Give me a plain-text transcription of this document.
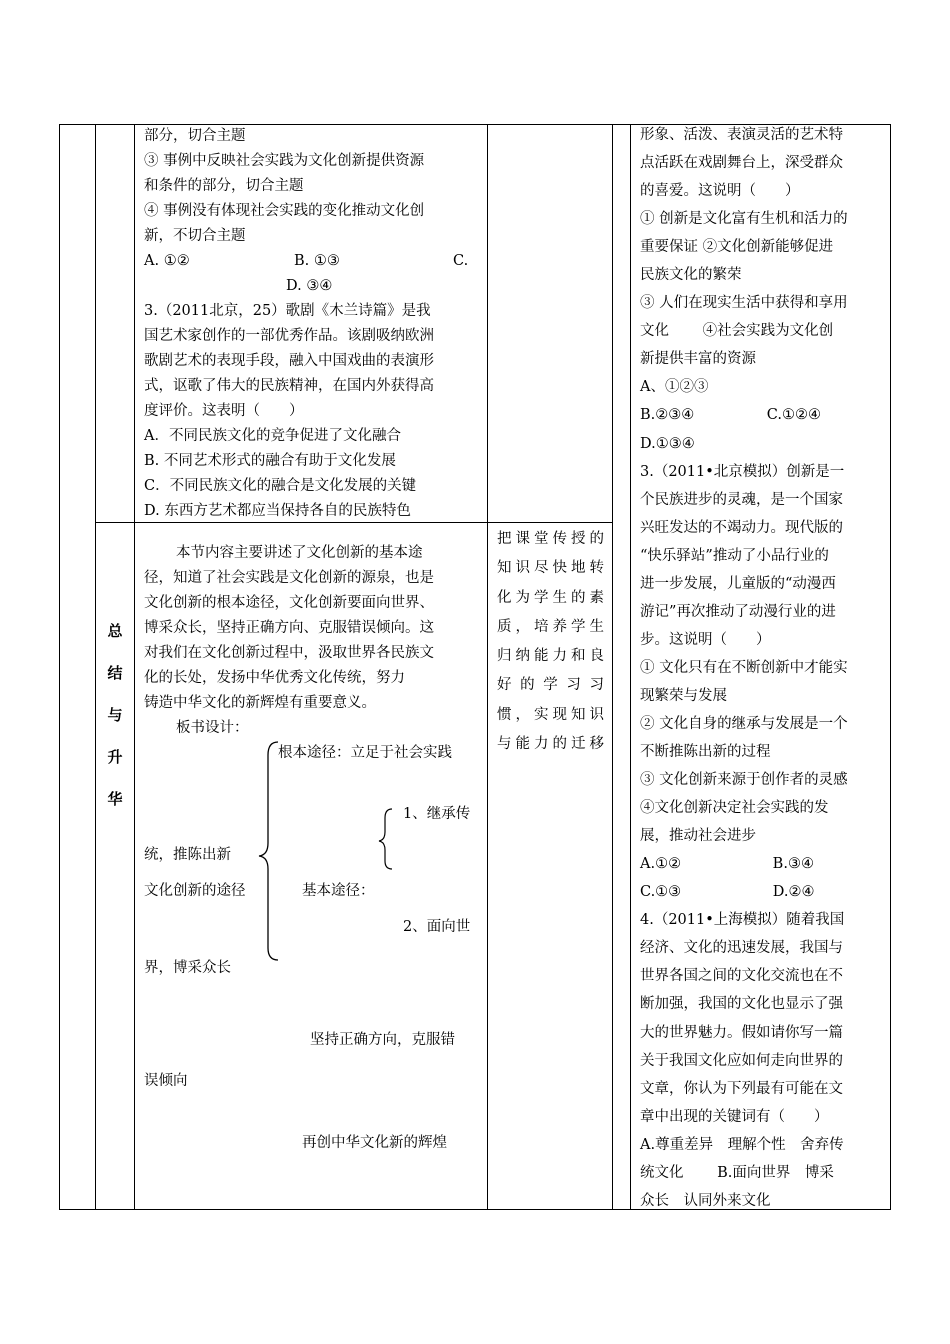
部分，切合主题
③ 事例中反映社会实践为文化创新提供资源
和条件的部分，切合主题
④ 事例没有体现社会实践的变化推动文化创
新，不切合主题
A. ①②	B. ①③	C.
D. ③④
3.（2011北京，25）歌剧《木兰诗篇》是我
国艺术家创作的一部优秀作品。该剧吸纳欧洲
歌剧艺术的表现手段，融入中国戏曲的表演形
式，讴歌了伟大的民族精神，在国内外获得高
度评价。这表明（　　）
A．不同民族文化的竞争促进了文化融合
B. 不同艺术形式的融合有助于文化发展
C．不同民族文化的融合是文化发展的关键
D. 东西方艺术都应当保持各自的民族特色
总
结
与
升
华
本节内容主要讲述了文化创新的基本途
径，知道了社会实践是文化创新的源泉，也是
文化创新的根本途径，文化创新要面向世界、
博采众长，坚持正确方向、克服错误倾向。这
对我们在文化创新过程中，汲取世界各民族文
化的长处，发扬中华优秀文化传统，努力
铸造中华文化的新辉煌有重要意义。
板书设计：
根本途径：立足于社会实践
1、继承传
统，推陈出新
文化创新的途径	基本途径：
2、面向世
界，博采众长
坚持正确方向，克服错
误倾向
再创中华文化新的辉煌
把课堂传授的
知识尽快地转
化为学生的素
质，培养学生
归纳能力和良
好的学习习
惯，实现知识
与能力的迁移
形象、活泼、表演灵活的艺术特
点活跃在戏剧舞台上，深受群众
的喜爱。这说明（　　）
① 创新是文化富有生机和活力的
重要保证 ②文化创新能够促进
民族文化的繁荣
③ 人们在现实生活中获得和享用
文化　　 ④社会实践为文化创
新提供丰富的资源
A、①②③
B.②③④　　　　　C.①②④
D.①③④
3.（2011•北京模拟）创新是一
个民族进步的灵魂，是一个国家
兴旺发达的不竭动力。现代版的
“快乐驿站”推动了小品行业的
进一步发展，儿童版的“动漫西
游记”再次推动了动漫行业的进
步。这说明（　　）
① 文化只有在不断创新中才能实
现繁荣与发展
② 文化自身的继承与发展是一个
不断推陈出新的过程
③ 文化创新来源于创作者的灵感
④文化创新决定社会实践的发
展，推动社会进步
A.①②　　　　　　 B.③④
C.①③　　　　　　 D.②④
4.（2011•上海模拟）随着我国
经济、文化的迅速发展，我国与
世界各国之间的文化交流也在不
断加强，我国的文化也显示了强
大的世界魅力。假如请你写一篇
关于我国文化应如何走向世界的
文章，你认为下列最有可能在文
章中出现的关键词有（　　）
A.尊重差异　理解个性　舍弃传
统文化　　 B.面向世界　博采
众长　认同外来文化
